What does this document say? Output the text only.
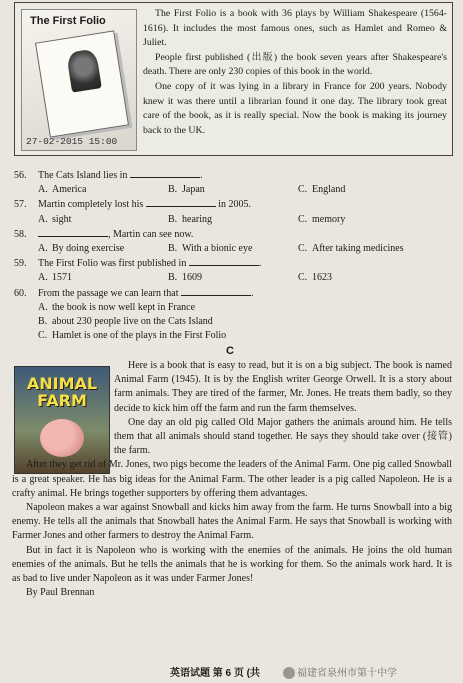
The First Folio
27-02-2015 15:00

The First Folio is a book with 36 plays by William Shakespeare (1564-1616). It includes the most famous ones, such as Hamlet and Romeo & Juliet.

People first published (出版) the book seven years after Shakespeare's death. There are only 230 copies of this book in the world.

One copy of it was lying in a library in France for 200 years. Nobody knew it was there until a librarian found it one day. The library took great care of the book, as it is really special. Now the book is making its journey back to the UK.

56. The Cats Island lies in	.
A. America	B. Japan	C. England
57. Martin completely lost his	in 2005.
A. sight	B. hearing	C. memory
58.	, Martin can see now.
A. By doing exercise	B. With a bionic eye	C. After taking medicines
59. The First Folio was first published in	.
A. 1571	B. 1609	C. 1623
60. From the passage we can learn that	.
A. the book is now well kept in France
B. about 230 people live on the Cats Island
C. Hamlet is one of the plays in the First Folio
C
ANIMAL FARM

Here is a book that is easy to read, but it is on a big subject. The book is named Animal Farm (1945). It is by the English writer George Orwell. It is a story about farm animals. They are tired of the farmer, Mr. Jones. He treats them badly, so they decide to kick him off the farm and run the farm themselves.

One day an old pig called Old Major gathers the animals around him. He tells them that all animals should stand together. He says they should take over (接管) the farm.

After they get rid of Mr. Jones, two pigs become the leaders of the Animal Farm. One pig called Snowball is a great speaker. He has big ideas for the Animal Farm. The other leader is a pig called Napoleon. He is a crafty animal. He brings together supporters by offering them advantages.

Napoleon makes a war against Snowball and kicks him away from the farm. He turns Snowball into a big enemy. He tells all the animals that Snowball hates the Animal Farm. He says that Snowball is working with Farmer Jones and other farmers to destroy the Animal Farm.

But in fact it is Napoleon who is working with the enemies of the animals. He joins the old human enemies of the animals. But he tells the animals that he is working for them. So the animals work hard. It is as bad to live under Napoleon as it was under Farmer Jones!

By Paul Brennan

英语试题 第 6 页 (共	福建省泉州市第十中学
